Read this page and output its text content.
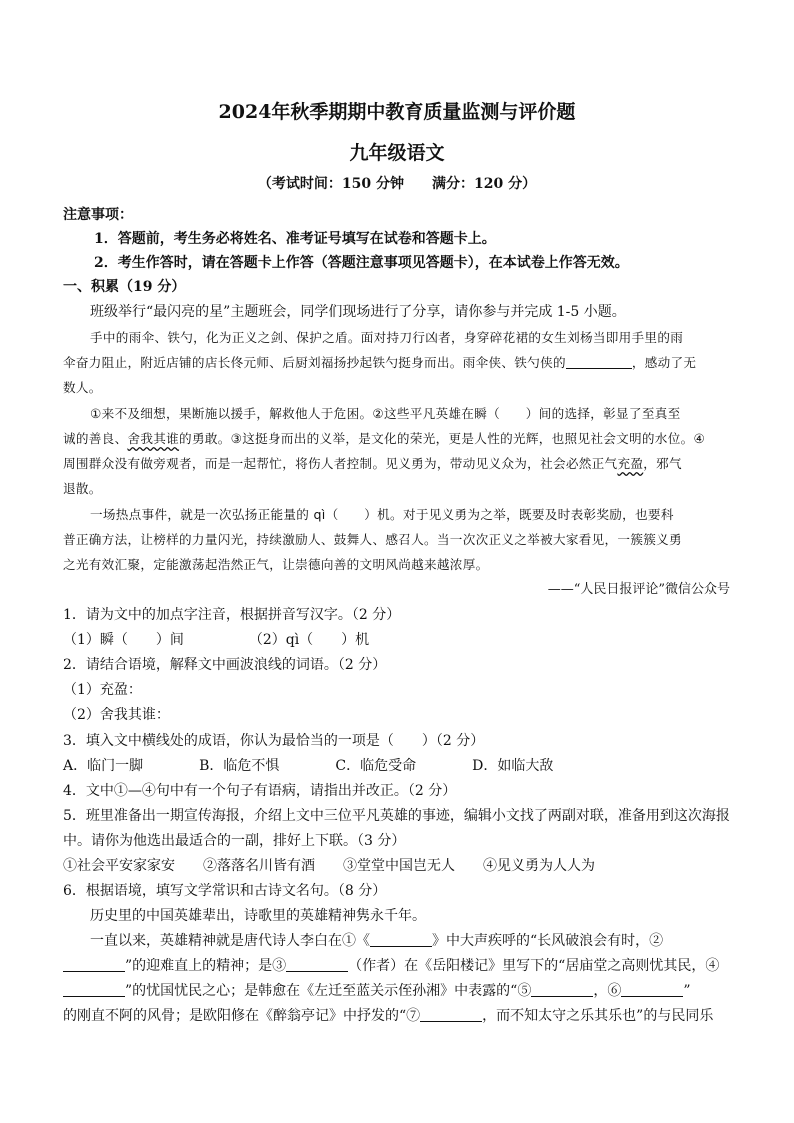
2024年秋季期期中教育质量监测与评价题
九年级语文
（考试时间：150 分钟　　满分：120 分）
注意事项：
1．答题前，考生务必将姓名、准考证号填写在试卷和答题卡上。
2．考生作答时，请在答题卡上作答（答题注意事项见答题卡），在本试卷上作答无效。
一、积累（19 分）
班级举行“最闪亮的星”主题班会，同学们现场进行了分享，请你参与并完成 1-5 小题。
手中的雨伞、铁勺，化为正义之剑、保护之盾。面对持刀行凶者，身穿碎花裙的女生刘杨当即用手里的雨
伞奋力阻止，附近店铺的店长佟元师、后厨刘福扬抄起铁勺挺身而出。雨伞侠、铁勺侠的	，感动了无
数人。
①来不及细想，果断施以援手，解救他人于危困。②这些平凡英雄在瞬（　　）间的选择，彰显了至真至
诚的善良、舍我其谁的勇敢。③这挺身而出的义举，是文化的荣光，更是人性的光辉，也照见社会文明的水位。④
周围群众没有做旁观者，而是一起帮忙，将伤人者控制。见义勇为，带动见义众为，社会必然正气充盈，邪气
退散。
一场热点事件，就是一次弘扬正能量的 qì（　　）机。对于见义勇为之举，既要及时表彰奖励，也要科
普正确方法，让榜样的力量闪光，持续激励人、鼓舞人、感召人。当一次次正义之举被大家看见，一簇簇义勇
之光有效汇聚，定能激荡起浩然正气，让崇德向善的文明风尚越来越浓厚。
——“人民日报评论”微信公众号
1．请为文中的加点字注音，根据拼音写汉字。（2 分）
（1）瞬（　　）间	（2）qì（　　）机
2．请结合语境，解释文中画波浪线的词语。（2 分）
（1）充盈：
（2）舍我其谁：
3．填入文中横线处的成语，你认为最恰当的一项是（　　）（2 分）
A．临门一脚	B．临危不惧	C．临危受命	D．如临大敌
4．文中①—④句中有一个句子有语病，请指出并改正。（2 分）
5．班里准备出一期宣传海报，介绍上文中三位平凡英雄的事迹，编辑小文找了两副对联，准备用到这次海报
中。请你为他选出最适合的一副，排好上下联。（3 分）
①社会平安家家安 ②落落名川皆有酒 ③堂堂中国岂无人 ④见义勇为人人为
6．根据语境，填写文学常识和古诗文名句。（8 分）
历史里的中国英雄辈出，诗歌里的英雄精神隽永千年。
一直以来，英雄精神就是唐代诗人李白在①《	》中大声疾呼的“长风破浪会有时，②
”的迎难直上的精神；是③	（作者）在《岳阳楼记》里写下的“居庙堂之高则忧其民，④
”的忧国忧民之心；是韩愈在《左迁至蓝关示侄孙湘》中表露的“⑤	，⑥	”
的刚直不阿的风骨；是欧阳修在《醉翁亭记》中抒发的“⑦	，而不知太守之乐其乐也”的与民同乐
